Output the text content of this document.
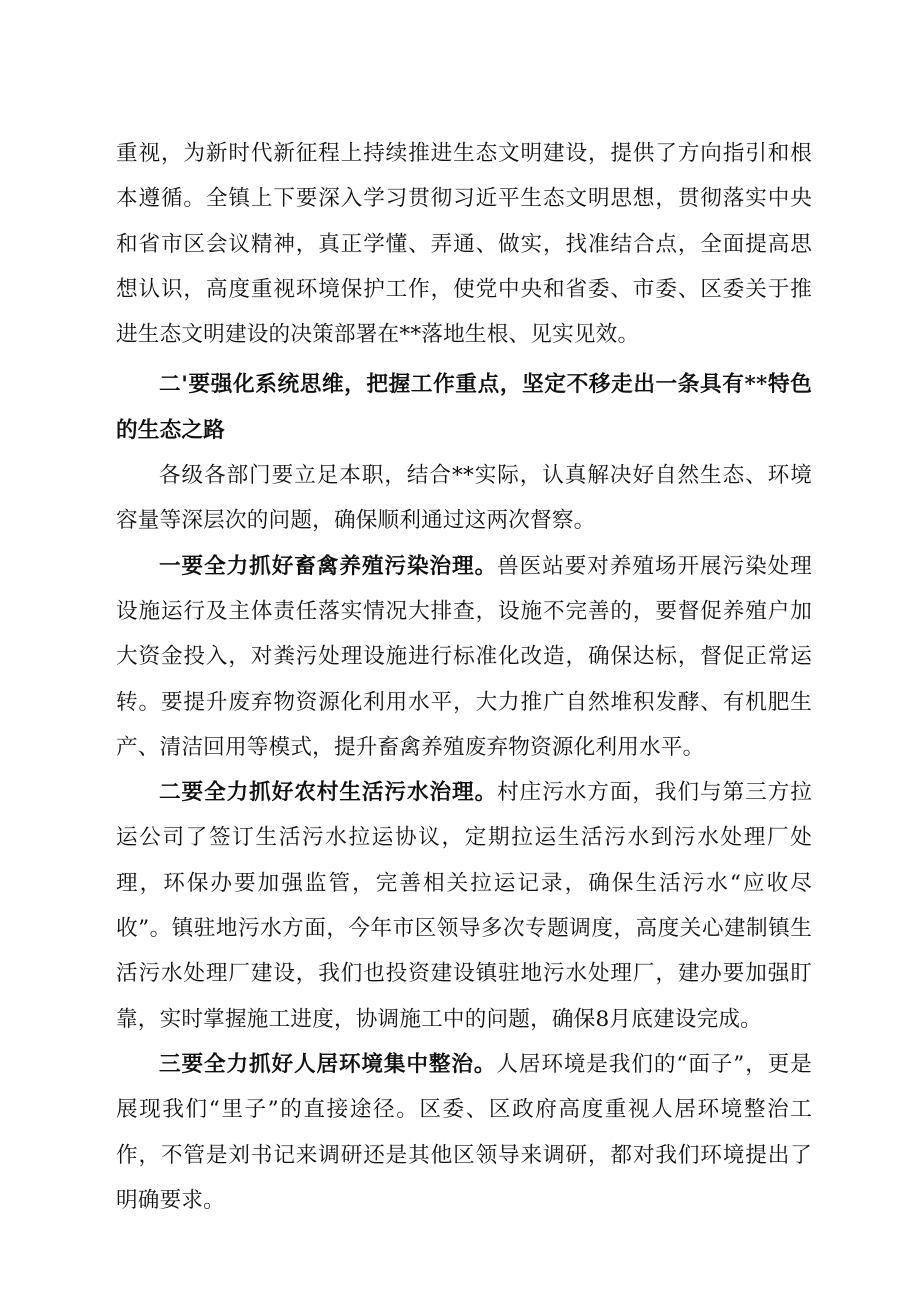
重视，为新时代新征程上持续推进生态文明建设，提供了方向指引和根本遵循。全镇上下要深入学习贯彻习近平生态文明思想，贯彻落实中央和省市区会议精神，真正学懂、弄通、做实，找准结合点，全面提高思想认识，高度重视环境保护工作，使党中央和省委、市委、区委关于推进生态文明建设的决策部署在**落地生根、见实见效。

二'要强化系统思维，把握工作重点，坚定不移走出一条具有**特色的生态之路

各级各部门要立足本职，结合**实际，认真解决好自然生态、环境容量等深层次的问题，确保顺利通过这两次督察。

一要全力抓好畜禽养殖污染治理。兽医站要对养殖场开展污染处理设施运行及主体责任落实情况大排查，设施不完善的，要督促养殖户加大资金投入，对粪污处理设施进行标准化改造，确保达标，督促正常运转。要提升废弃物资源化利用水平，大力推广自然堆积发酵、有机肥生产、清洁回用等模式，提升畜禽养殖废弃物资源化利用水平。

二要全力抓好农村生活污水治理。村庄污水方面，我们与第三方拉运公司了签订生活污水拉运协议，定期拉运生活污水到污水处理厂处理，环保办要加强监管，完善相关拉运记录，确保生活污水“应收尽收”。镇驻地污水方面，今年市区领导多次专题调度，高度关心建制镇生活污水处理厂建设，我们也投资建设镇驻地污水处理厂，建办要加强盯靠，实时掌握施工进度，协调施工中的问题，确保8月底建设完成。

三要全力抓好人居环境集中整治。人居环境是我们的“面子”，更是展现我们“里子”的直接途径。区委、区政府高度重视人居环境整治工作，不管是刘书记来调研还是其他区领导来调研，都对我们环境提出了明确要求。
